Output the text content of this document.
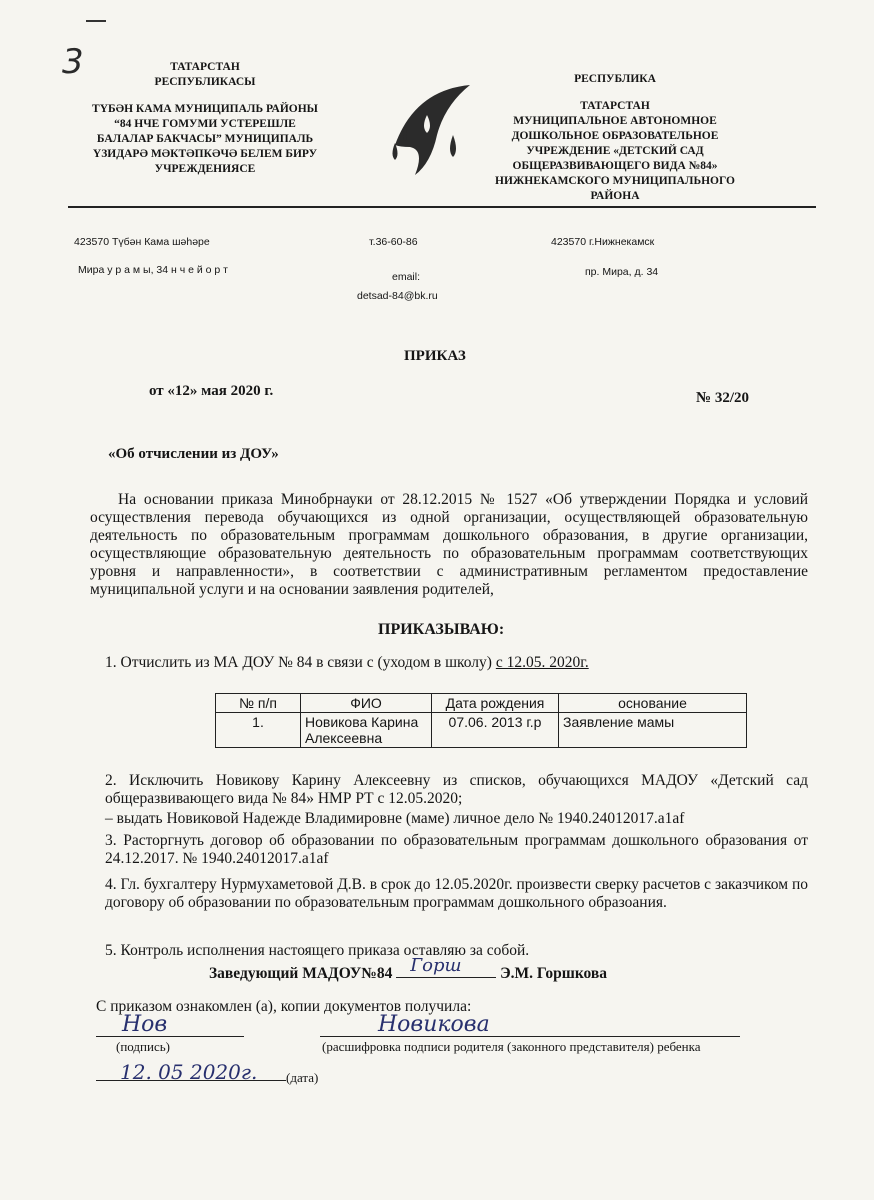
3	ТАТАРСТАН
РЕСПУБЛИКАСЫ
ТҮБӘН КАМА МУНИЦИПАЛЬ РАЙОНЫ
“84 НЧЕ ГОМУМИ УСТЕРЕШЛЕ
БАЛАЛАР БАКЧАСЫ” МУНИЦИПАЛЬ
ҮЗИДАРӘ МӘКТӘПКӘЧӘ БЕЛЕМ БИРУ
УЧРЕЖДЕНИЯСЕ
РЕСПУБЛИКА
ТАТАРСТАН
МУНИЦИПАЛЬНОЕ АВТОНОМНОЕ
ДОШКОЛЬНОЕ ОБРАЗОВАТЕЛЬНОЕ
УЧРЕЖДЕНИЕ «ДЕТСКИЙ САД
ОБЩЕРАЗВИВАЮЩЕГО ВИДА №84»
НИЖНЕКАМСКОГО МУНИЦИПАЛЬНОГО
РАЙОНА
423570 Түбән Кама шәһәре
Мира у р а м ы, 34 н ч е й о р т
т.36-60-86
email:
detsad-84@bk.ru
423570 г.Нижнекамск
пр. Мира, д. 34
ПРИКАЗ
от «12» мая 2020 г.	№ 32/20
«Об отчислении из ДОУ»
На основании приказа Минобрнауки от 28.12.2015 № 1527 «Об утверждении Порядка и условий осуществления перевода обучающихся из одной организации, осуществляющей образовательную деятельность по образовательным программам дошкольного образования, в другие организации, осуществляющие образовательную деятельность по образовательным программам соответствующих уровня и направленности», в соответствии с административным регламентом предоставление муниципальной услуги и на основании заявления родителей,
ПРИКАЗЫВАЮ:
1. Отчислить из МА ДОУ № 84 в связи с (уходом в школу) с 12.05. 2020г.
№ п/п	ФИО	Дата рождения	основание
1.	Новикова Карина Алексеевна	07.06. 2013 г.р	Заявление мамы
2. Исключить Новикову Карину Алексеевну из списков, обучающихся МАДОУ «Детский сад общеразвивающего вида № 84» НМР РТ с 12.05.2020;
– выдать Новиковой Надежде Владимировне (маме) личное дело № 1940.24012017.a1af
3. Расторгнуть договор об образовании по образовательным программам дошкольного образования от 24.12.2017. № 1940.24012017.a1af
4. Гл. бухгалтеру Нурмухаметовой Д.В. в срок до 12.05.2020г. произвести сверку расчетов с заказчиком по договору об образовании по образовательным программам дошкольного образоания.
5. Контроль исполнения настоящего приказа оставляю за собой.
Заведующий МАДОУ№84 Горш Э.М. Горшкова
С приказом ознакомлен (а), копии документов получила:
Нов
(подпись)
Новикова
(расшифровка подписи родителя (законного представителя) ребенка
12. 05 2020г. (дата)
